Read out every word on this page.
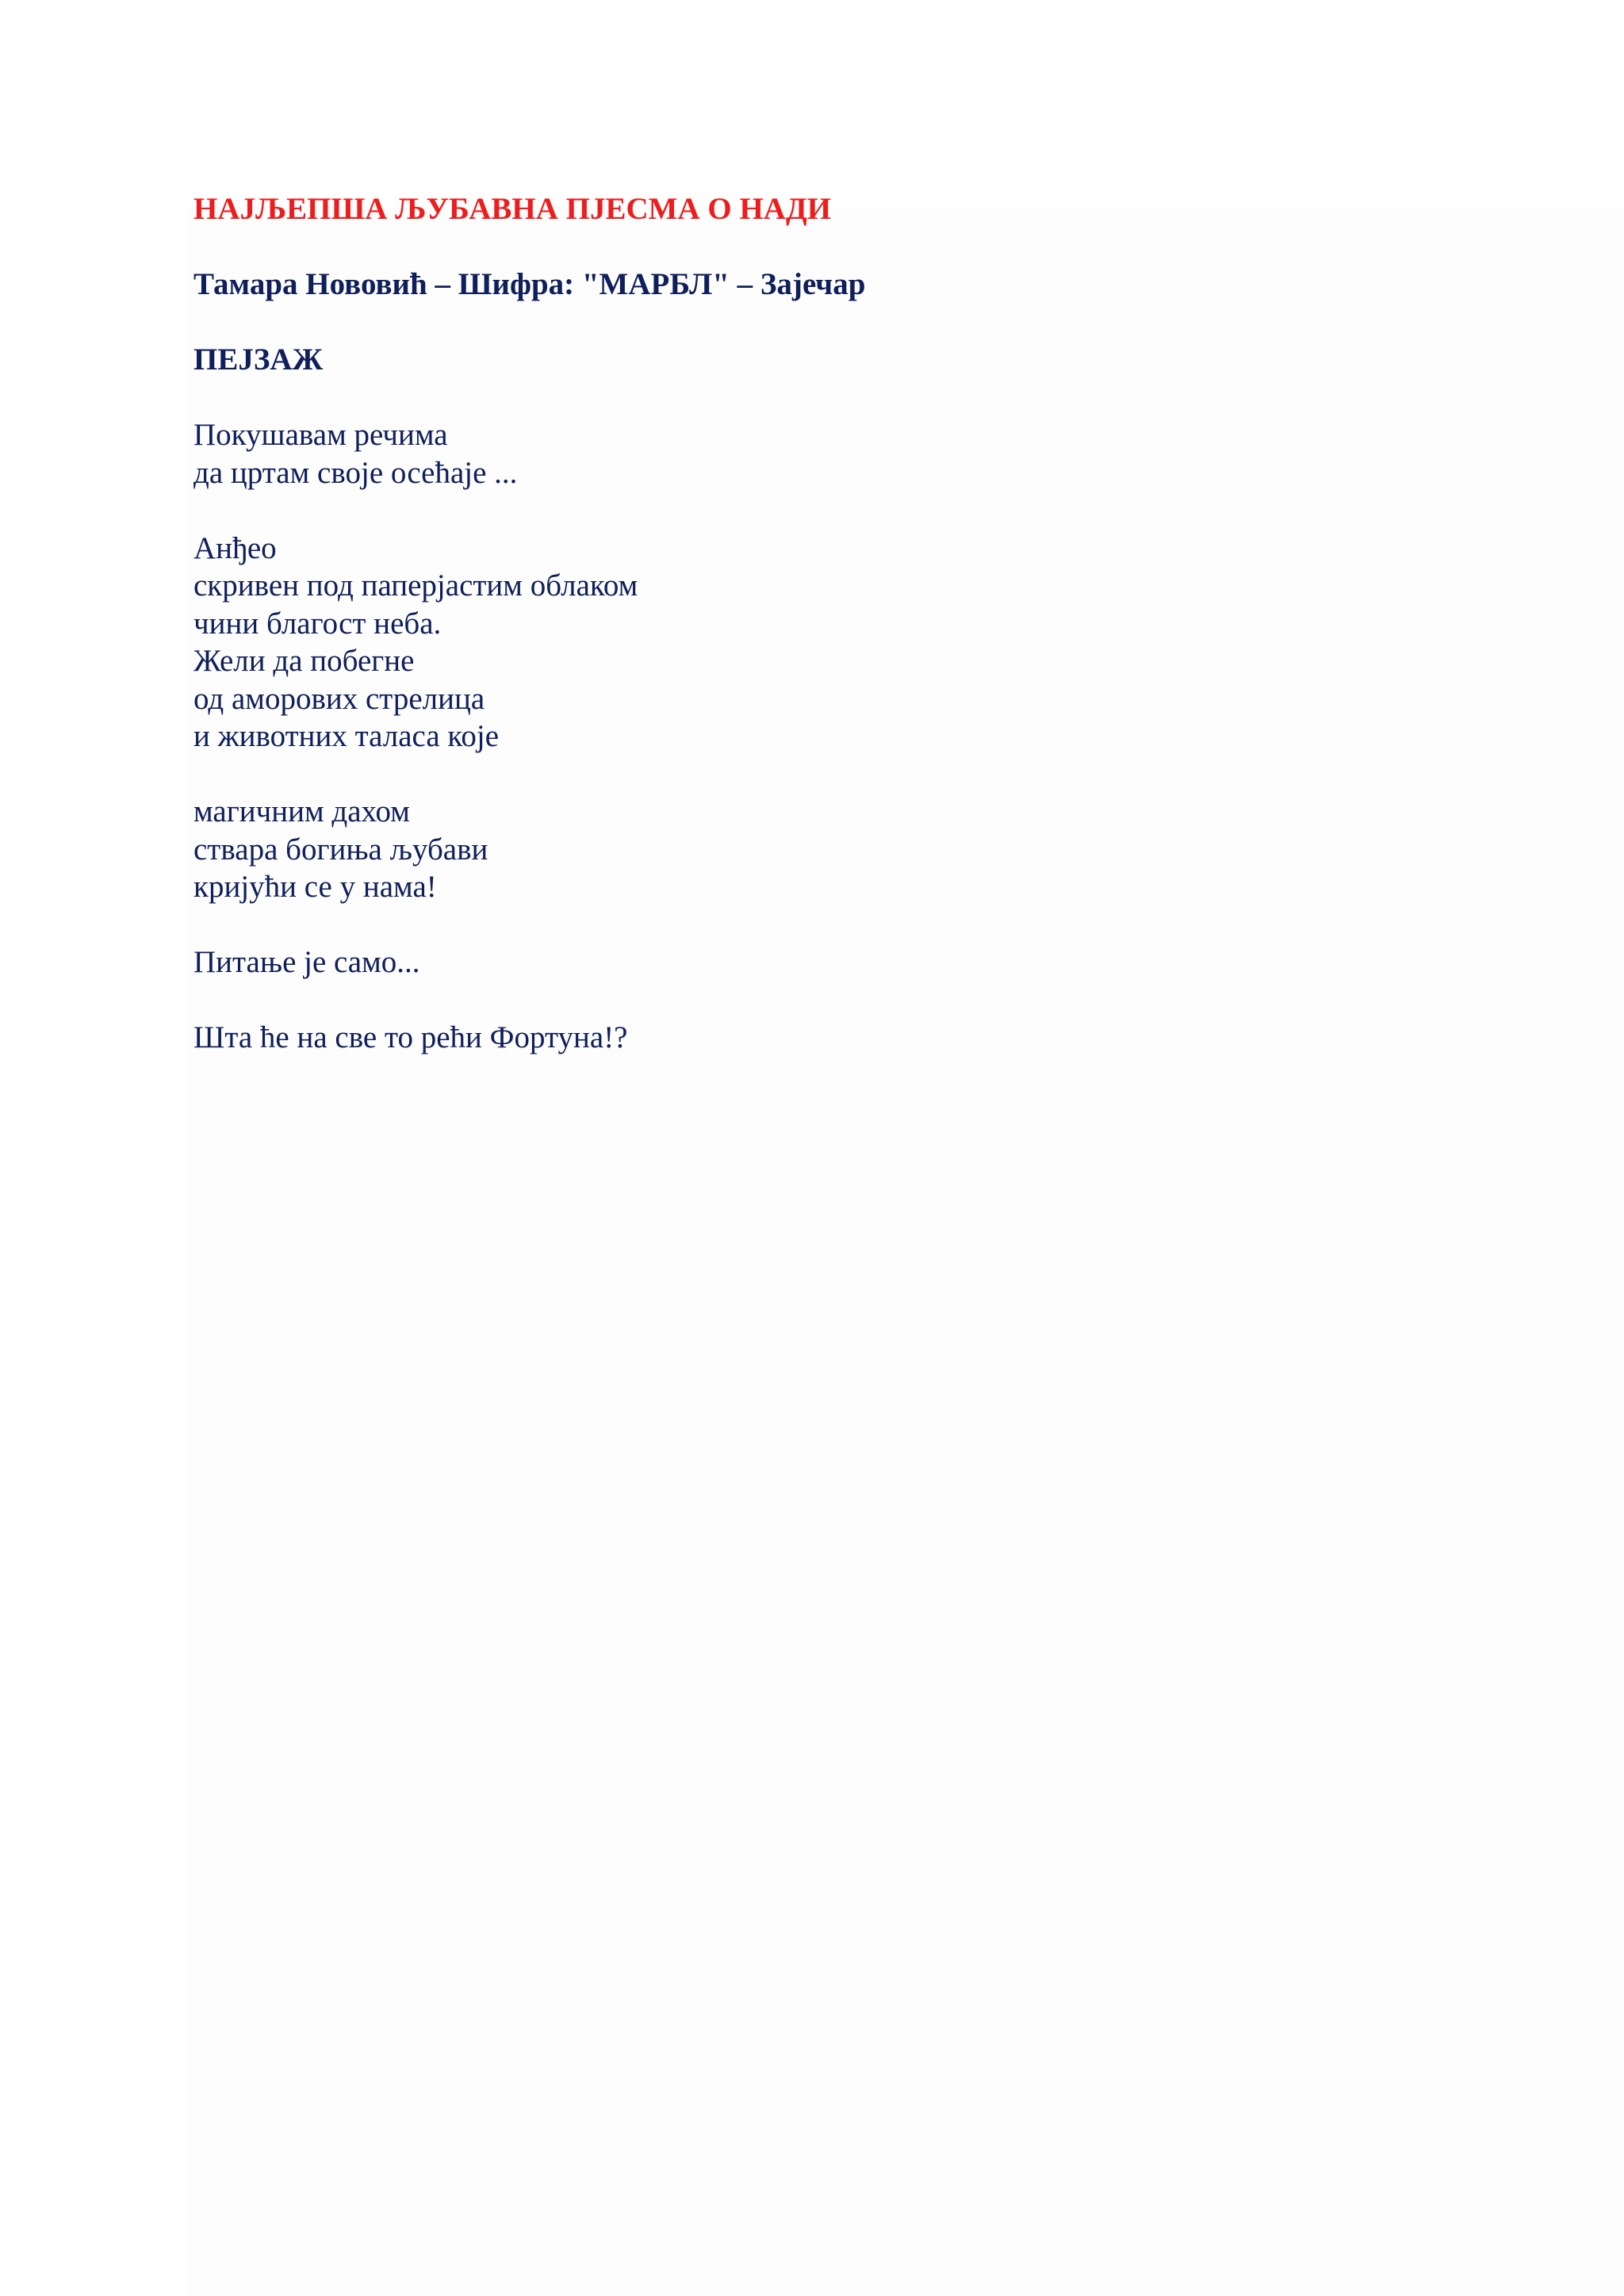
НАЈЉЕПША ЉУБАВНА ПЈЕСМА О НАДИ

Тамара Нововић – Шифра: "МАРБЛ" – Зајечар

ПЕЈЗАЖ

Покушавам речима

да цртам своје осећаје ...

Анђео

скривен под паперјастим облаком

чини благост неба.

Жели да побегне

од аморових стрелица

и животних таласа које

магичним дахом

ствара богиња љубави

кријући се у нама!

Питање је само...

Шта ће на све то рећи Фортуна!?
